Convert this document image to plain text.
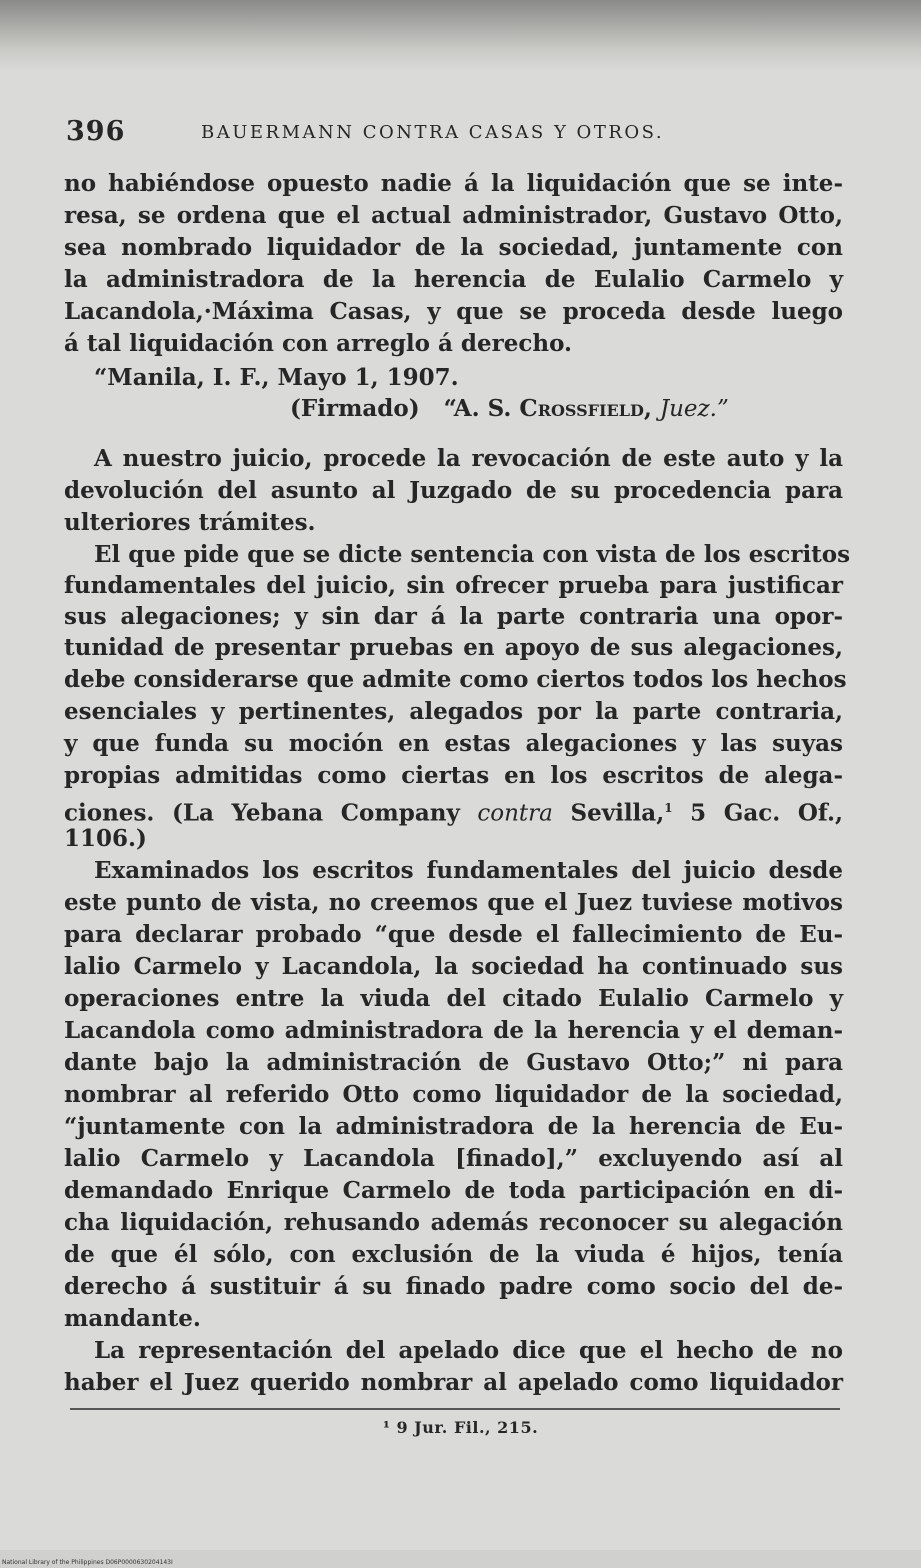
396	BAUERMANN CONTRA CASAS Y OTROS.
no habiéndose opuesto nadie á la liquidación que se inte-
resa, se ordena que el actual administrador, Gustavo Otto,
sea nombrado liquidador de la sociedad, juntamente con
la administradora de la herencia de Eulalio Carmelo y
Lacandola,·Máxima Casas, y que se proceda desde luego
á tal liquidación con arreglo á derecho.
“Manila, I. F., Mayo 1, 1907.
(Firmado) “A. S. Crossfield, Juez.”
A nuestro juicio, procede la revocación de este auto y la
devolución del asunto al Juzgado de su procedencia para
ulteriores trámites.
El que pide que se dicte sentencia con vista de los escritos
fundamentales del juicio, sin ofrecer prueba para justificar
sus alegaciones; y sin dar á la parte contraria una opor-
tunidad de presentar pruebas en apoyo de sus alegaciones,
debe considerarse que admite como ciertos todos los hechos
esenciales y pertinentes, alegados por la parte contraria,
y que funda su moción en estas alegaciones y las suyas
propias admitidas como ciertas en los escritos de alega-
ciones. (La Yebana Company contra Sevilla,$^1$ 5 Gac. Of.,
1106.)
Examinados los escritos fundamentales del juicio desde
este punto de vista, no creemos que el Juez tuviese motivos
para declarar probado “que desde el fallecimiento de Eu-
lalio Carmelo y Lacandola, la sociedad ha continuado sus
operaciones entre la viuda del citado Eulalio Carmelo y
Lacandola como administradora de la herencia y el deman-
dante bajo la administración de Gustavo Otto;” ni para
nombrar al referido Otto como liquidador de la sociedad,
“juntamente con la administradora de la herencia de Eu-
lalio Carmelo y Lacandola [finado],” excluyendo así al
demandado Enrique Carmelo de toda participación en di-
cha liquidación, rehusando además reconocer su alegación
de que él sólo, con exclusión de la viuda é hijos, tenía
derecho á sustituir á su finado padre como socio del de-
mandante.
La representación del apelado dice que el hecho de no
haber el Juez querido nombrar al apelado como liquidador
¹ 9 Jur. Fil., 215.
National Library of the Philippines D06P0000630204143I
